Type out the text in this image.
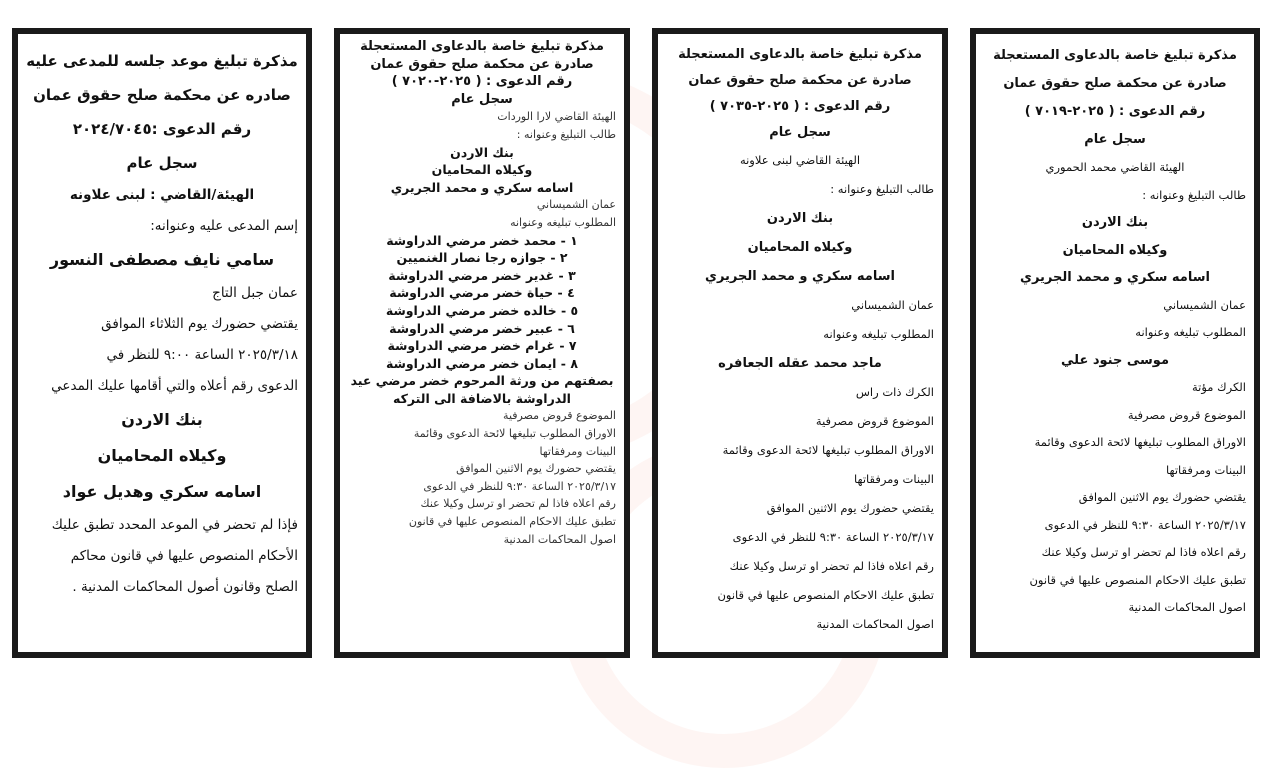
مذكرة تبليغ موعد جلسه للمدعى عليه

صادره عن محكمة صلح حقوق عمان

رقم الدعوى :٢٠٢٤/٧٠٤٥

سجل عام

الهيئة/القاضي : لبنى علاونه

إسم المدعى عليه وعنوانه:

سامي نايف مصطفى النسور

عمان جبل التاج

يقتضي حضورك يوم الثلاثاء الموافق

٢٠٢٥/٣/١٨ الساعة ٩:٠٠ للنظر في

الدعوى رقم أعلاه والتي أقامها عليك المدعي

بنك الاردن

وكيلاه المحاميان

اسامه سكري وهديل عواد

فإذا لم تحضر في الموعد المحدد تطبق عليك

الأحكام المنصوص عليها في قانون محاكم

الصلح وقانون أصول المحاكمات المدنية .

مذكرة تبليغ خاصة بالدعاوى المستعجلة

صادرة عن محكمة صلح حقوق عمان

رقم الدعوى : ( ٢٠٢٥-٧٠٢٠ )

سجل عام

الهيئة القاضي لارا الوردات

طالب التبليغ وعنوانه :

بنك الاردن

وكيلاه المحاميان

اسامه سكري و محمد الجريري

عمان الشميساني

المطلوب تبليغه وعنوانه

١ - محمد خضر مرضي الدراوشة

٢ - جوازه رجا نصار الغنميين

٣ - غدير خضر مرضي الدراوشة

٤ - حياة خضر مرضي الدراوشة

٥ - خالده خضر مرضي الدراوشة

٦ - عبير خضر مرضي الدراوشة

٧ - غرام خضر مرضي الدراوشة

٨ - ايمان خضر مرضي الدراوشة

بصفتهم من ورثة المرحوم خضر مرضي عيد

الدراوشة بالاضافة الى التركه

الموضوع قروض مصرفية

الاوراق المطلوب تبليغها لائحة الدعوى وقائمة

البينات ومرفقاتها

يقتضي حضورك يوم الاثنين الموافق

٢٠٢٥/٣/١٧ الساعة ٩:٣٠ للنظر في الدعوى

رقم اعلاه فاذا لم تحضر او ترسل وكيلا عنك

تطبق عليك الاحكام المنصوص عليها في قانون

اصول المحاكمات المدنية

مذكرة تبليغ خاصة بالدعاوى المستعجلة

صادرة عن محكمة صلح حقوق عمان

رقم الدعوى : ( ٢٠٢٥-٧٠٣٥ )

سجل عام

الهيئة القاضي لبنى علاونه

طالب التبليغ وعنوانه :

بنك الاردن

وكيلاه المحاميان

اسامه سكري و محمد الجريري

عمان الشميساني

المطلوب تبليغه وعنوانه

ماجد محمد عقله الجعافره

الكرك ذات راس

الموضوع قروض مصرفية

الاوراق المطلوب تبليغها لائحة الدعوى وقائمة

البينات ومرفقاتها

يقتضي حضورك يوم الاثنين الموافق

٢٠٢٥/٣/١٧ الساعة ٩:٣٠ للنظر في الدعوى

رقم اعلاه فاذا لم تحضر او ترسل وكيلا عنك

تطبق عليك الاحكام المنصوص عليها في قانون

اصول المحاكمات المدنية

مذكرة تبليغ خاصة بالدعاوى المستعجلة

صادرة عن محكمة صلح حقوق عمان

رقم الدعوى : ( ٢٠٢٥-٧٠١٩ )

سجل عام

الهيئة القاضي محمد الحموري

طالب التبليغ وعنوانه :

بنك الاردن

وكيلاه المحاميان

اسامه سكري و محمد الجريري

عمان الشميساني

المطلوب تبليغه وعنوانه

موسى جنود علي

الكرك مؤتة

الموضوع قروض مصرفية

الاوراق المطلوب تبليغها لائحة الدعوى وقائمة

البينات ومرفقاتها

يقتضي حضورك يوم الاثنين الموافق

٢٠٢٥/٣/١٧ الساعة ٩:٣٠ للنظر في الدعوى

رقم اعلاه فاذا لم تحضر او ترسل وكيلا عنك

تطبق عليك الاحكام المنصوص عليها في قانون

اصول المحاكمات المدنية
